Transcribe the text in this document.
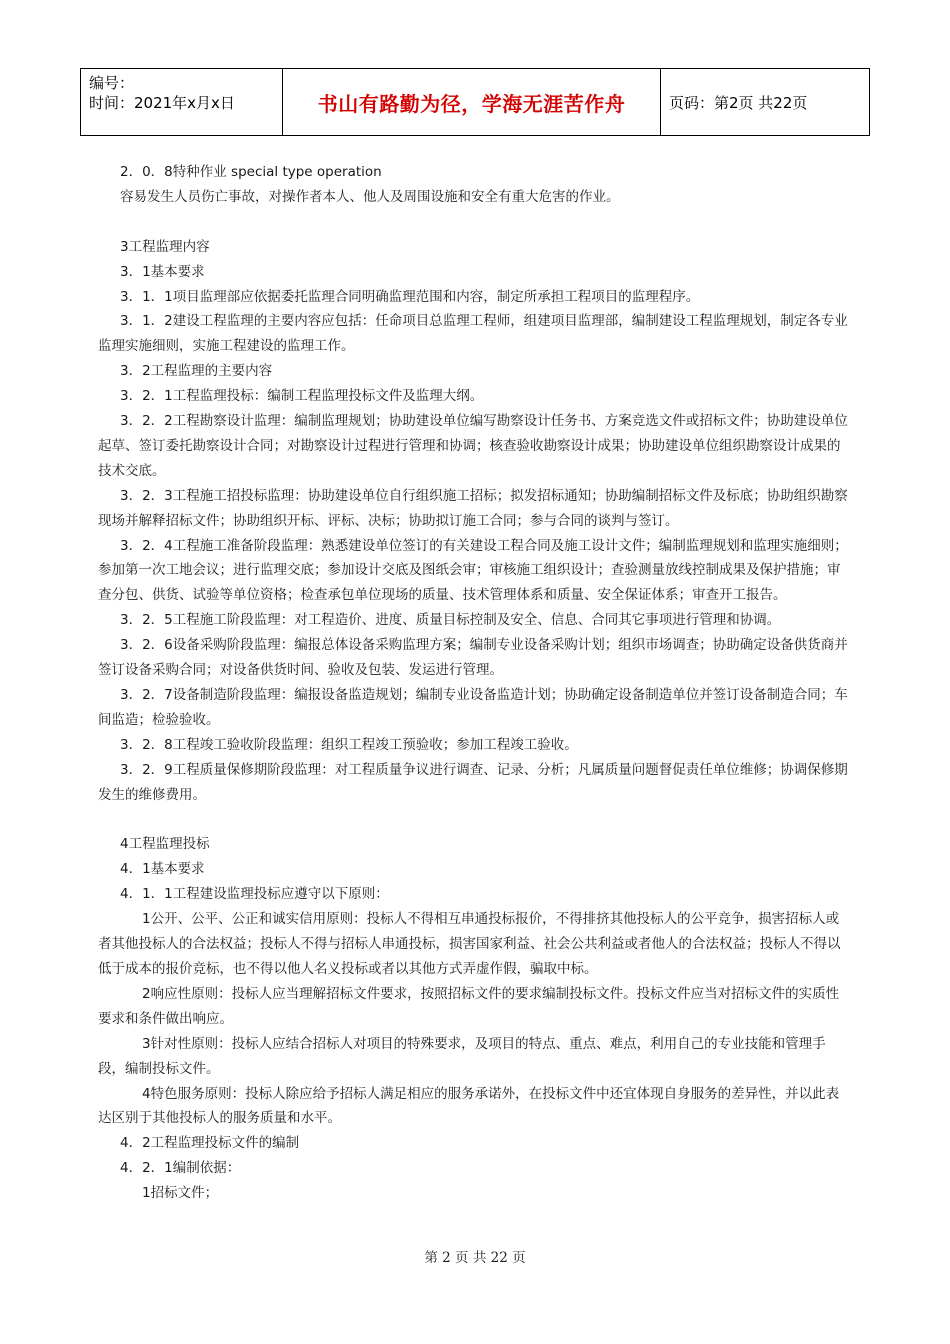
编号：
时间：2021年x月x日	书山有路勤为径，学海无涯苦作舟	页码：第2页 共22页

2．0．8特种作业 special type operation

容易发生人员伤亡事故，对操作者本人、他人及周围设施和安全有重大危害的作业。

3工程监理内容

3．1基本要求

3．1．1项目监理部应依据委托监理合同明确监理范围和内容，制定所承担工程项目的监理程序。

3．1．2建设工程监理的主要内容应包括：任命项目总监理工程师，组建项目监理部，编制建设工程监理规划，制定各专业监理实施细则，实施工程建设的监理工作。

3．2工程监理的主要内容

3．2．1工程监理投标：编制工程监理投标文件及监理大纲。

3．2．2工程勘察设计监理：编制监理规划；协助建设单位编写勘察设计任务书、方案竞选文件或招标文件；协助建设单位起草、签订委托勘察设计合同；对勘察设计过程进行管理和协调；核查验收勘察设计成果；协助建设单位组织勘察设计成果的技术交底。

3．2．3工程施工招投标监理：协助建设单位自行组织施工招标；拟发招标通知；协助编制招标文件及标底；协助组织勘察现场并解释招标文件；协助组织开标、评标、决标；协助拟订施工合同；参与合同的谈判与签订。

3．2．4工程施工准备阶段监理：熟悉建设单位签订的有关建设工程合同及施工设计文件；编制监理规划和监理实施细则；参加第一次工地会议；进行监理交底；参加设计交底及图纸会审；审核施工组织设计；查验测量放线控制成果及保护措施；审查分包、供货、试验等单位资格；检查承包单位现场的质量、技术管理体系和质量、安全保证体系；审查开工报告。

3．2．5工程施工阶段监理：对工程造价、进度、质量目标控制及安全、信息、合同其它事项进行管理和协调。

3．2．6设备采购阶段监理：编报总体设备采购监理方案；编制专业设备采购计划；组织市场调查；协助确定设备供货商并签订设备采购合同；对设备供货时间、验收及包装、发运进行管理。

3．2．7设备制造阶段监理：编报设备监造规划；编制专业设备监造计划；协助确定设备制造单位并签订设备制造合同；车间监造；检验验收。

3．2．8工程竣工验收阶段监理：组织工程竣工预验收；参加工程竣工验收。

3．2．9工程质量保修期阶段监理：对工程质量争议进行调查、记录、分析；凡属质量问题督促责任单位维修；协调保修期发生的维修费用。

4工程监理投标

4．1基本要求

4．1．1工程建设监理投标应遵守以下原则：

1公开、公平、公正和诚实信用原则：投标人不得相互串通投标报价，不得排挤其他投标人的公平竞争，损害招标人或者其他投标人的合法权益；投标人不得与招标人串通投标，损害国家利益、社会公共利益或者他人的合法权益；投标人不得以低于成本的报价竞标，也不得以他人名义投标或者以其他方式弄虚作假，骗取中标。

2响应性原则：投标人应当理解招标文件要求，按照招标文件的要求编制投标文件。投标文件应当对招标文件的实质性要求和条件做出响应。

3针对性原则：投标人应结合招标人对项目的特殊要求，及项目的特点、重点、难点，利用自己的专业技能和管理手段，编制投标文件。

4特色服务原则：投标人除应给予招标人满足相应的服务承诺外，在投标文件中还宜体现自身服务的差异性，并以此表达区别于其他投标人的服务质量和水平。

4．2工程监理投标文件的编制

4．2．1编制依据：

1招标文件；

第 2 页 共 22 页
